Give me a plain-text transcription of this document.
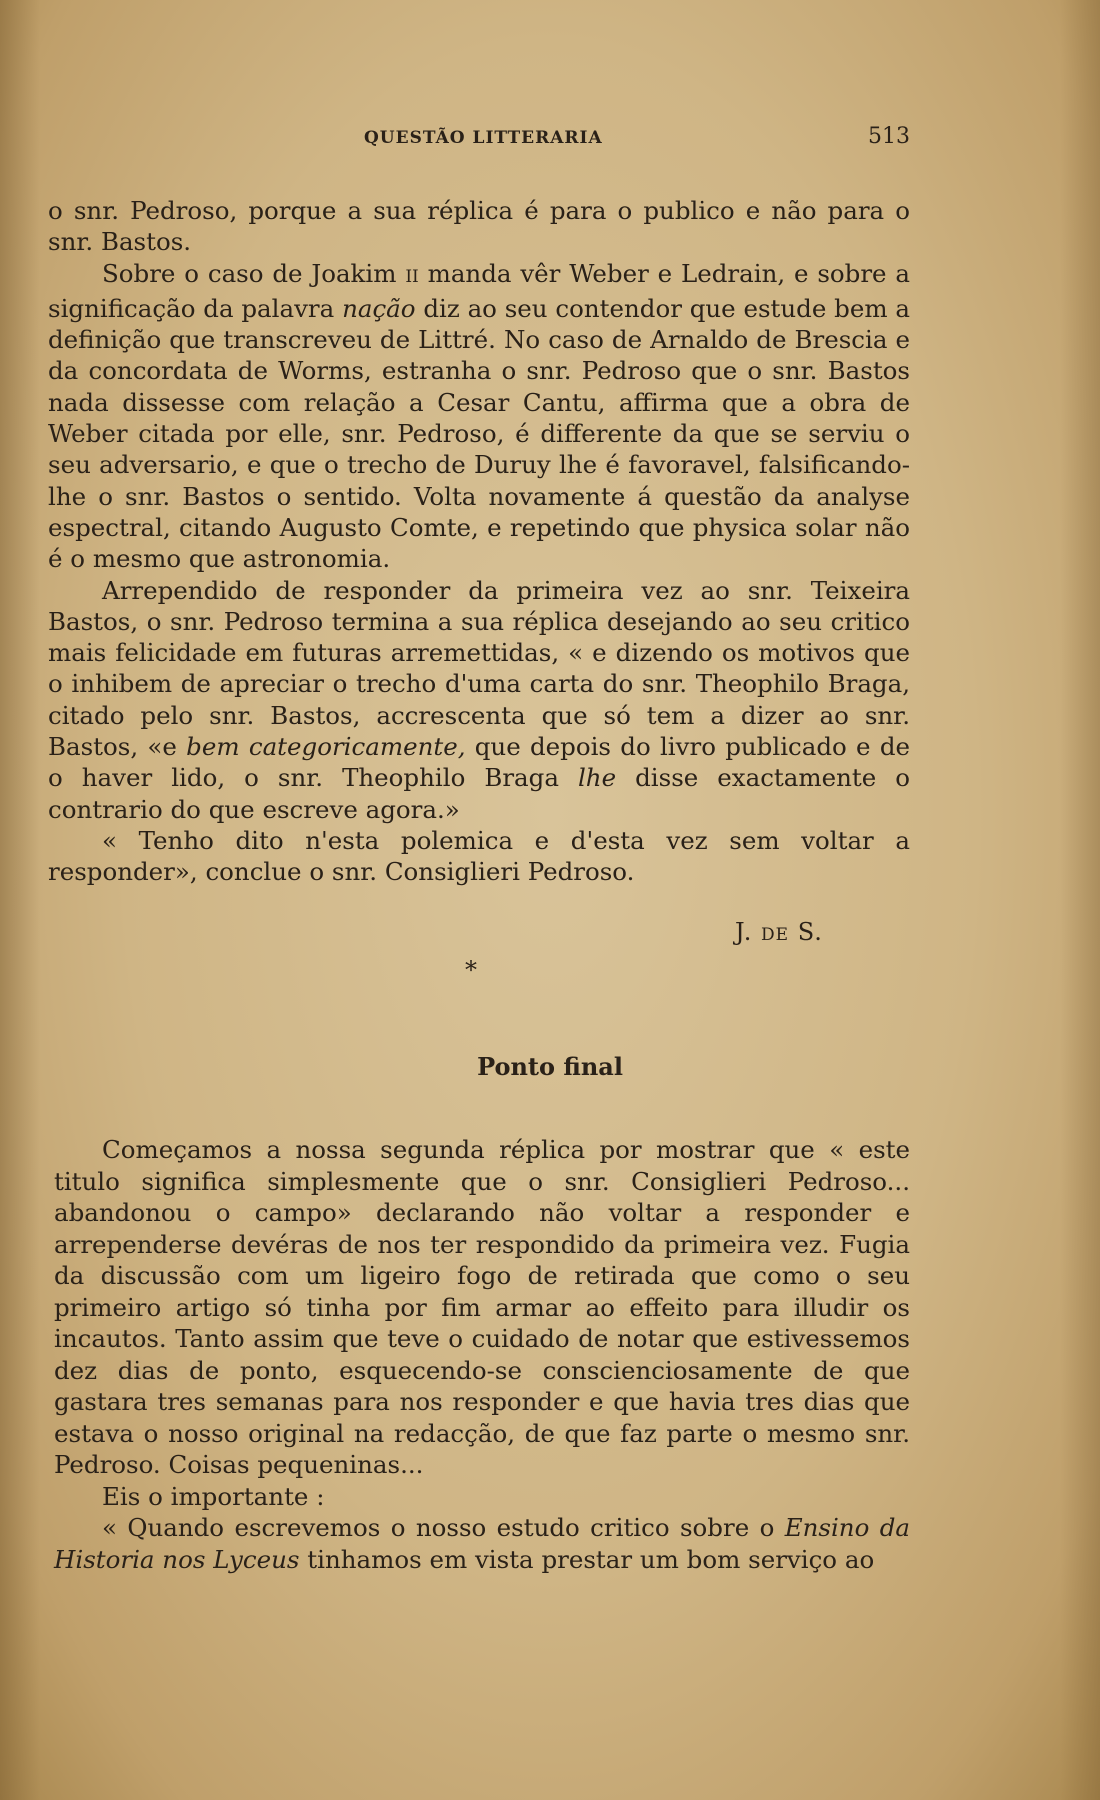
QUESTÃO LITTERARIA	513

o snr. Pedroso, porque a sua réplica é para o publico e não para o snr. Bastos.

Sobre o caso de Joakim II manda vêr Weber e Ledrain, e sobre a significação da palavra nação diz ao seu contendor que estude bem a definição que transcreveu de Littré. No caso de Arnaldo de Brescia e da concordata de Worms, estranha o snr. Pedroso que o snr. Bastos nada dissesse com relação a Cesar Cantu, affirma que a obra de Weber citada por elle, snr. Pedroso, é differente da que se serviu o seu adversario, e que o trecho de Duruy lhe é favoravel, falsificando-lhe o snr. Bastos o sentido. Volta novamente á questão da analyse espectral, citando Augusto Comte, e repetindo que physica solar não é o mesmo que astronomia.

Arrependido de responder da primeira vez ao snr. Teixeira Bastos, o snr. Pedroso termina a sua réplica desejando ao seu critico mais felicidade em futuras arremettidas, « e dizendo os motivos que o inhibem de apreciar o trecho d'uma carta do snr. Theophilo Braga, citado pelo snr. Bastos, accrescenta que só tem a dizer ao snr. Bastos, «e bem categoricamente, que depois do livro publicado e de o haver lido, o snr. Theophilo Braga lhe disse exactamente o contrario do que escreve agora.»

« Tenho dito n'esta polemica e d'esta vez sem voltar a responder», conclue o snr. Consiglieri Pedroso.

J. DE S.
*
Ponto final

Começamos a nossa segunda réplica por mostrar que « este titulo significa simplesmente que o snr. Consiglieri Pedroso... abandonou o campo» declarando não voltar a responder e arrependerse devéras de nos ter respondido da primeira vez. Fugia da discussão com um ligeiro fogo de retirada que como o seu primeiro artigo só tinha por fim armar ao effeito para illudir os incautos. Tanto assim que teve o cuidado de notar que estivessemos dez dias de ponto, esquecendo-se conscienciosamente de que gastara tres semanas para nos responder e que havia tres dias que estava o nosso original na redacção, de que faz parte o mesmo snr. Pedroso. Coisas pequeninas...

Eis o importante :

« Quando escrevemos o nosso estudo critico sobre o Ensino da Historia nos Lyceus tinhamos em vista prestar um bom serviço ao
